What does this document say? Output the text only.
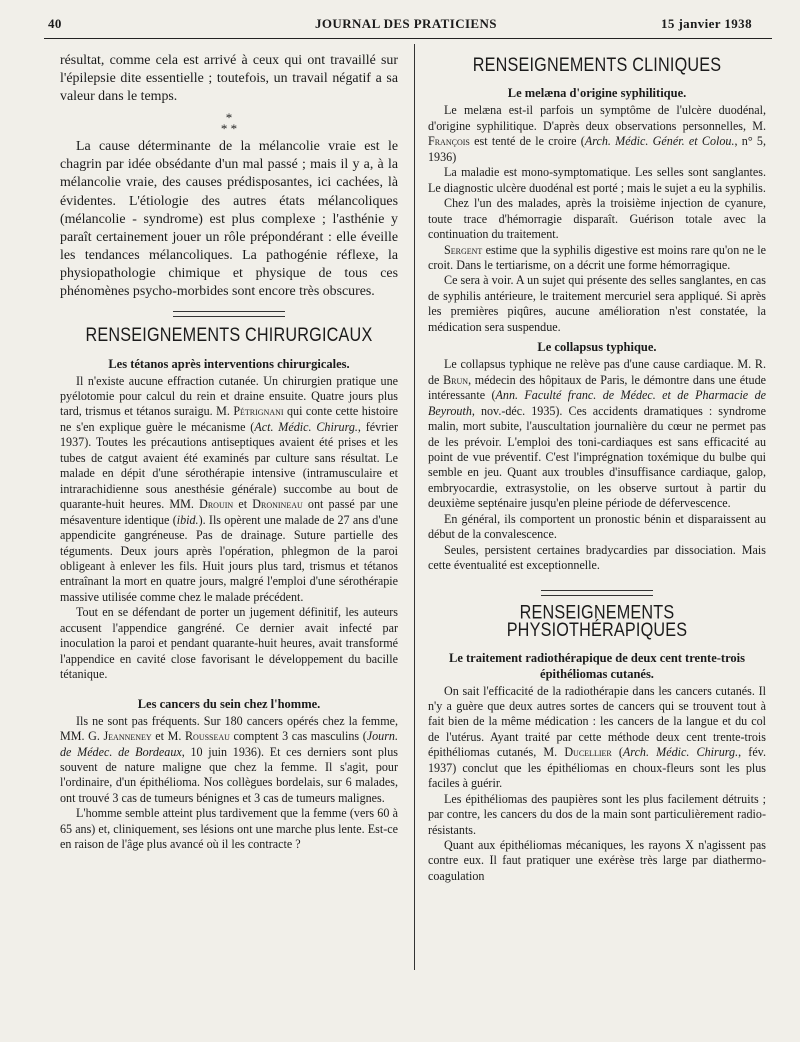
40	JOURNAL DES PRATICIENS	15 janvier 1938

résultat, comme cela est arrivé à ceux qui ont travaillé sur l'épilepsie dite essentielle ; toutefois, un travail négatif a sa valeur dans le temps.

*
* *

La cause déterminante de la mélancolie vraie est le chagrin par idée obsédante d'un mal passé ; mais il y a, à la mélancolie vraie, des causes prédisposantes, ici cachées, là évidentes. L'étiologie des autres états mélancoliques (mélancolie - syndrome) est plus complexe ; l'asthénie y paraît certainement jouer un rôle prépondérant : elle éveille les tendances mélancoliques. La pathogénie réflexe, la physiopathologie chimique et physique de tous ces phénomènes psycho-morbides sont encore très obscures.

RENSEIGNEMENTS CHIRURGICAUX
Les tétanos après interventions chirurgicales.

Il n'existe aucune effraction cutanée. Un chirurgien pratique une pyélotomie pour calcul du rein et draine ensuite. Quatre jours plus tard, trismus et tétanos suraigu. M. Pétrignani qui conte cette histoire ne s'en explique guère le mécanisme (Act. Médic. Chirurg., février 1937). Toutes les précautions antiseptiques avaient été prises et les tubes de catgut avaient été examinés par culture sans résultat. Le malade en dépit d'une sérothérapie intensive (intramusculaire et intrarachidienne sous anesthésie générale) succombe au bout de quarante-huit heures. MM. Drouin et Dronineau ont passé par une mésaventure identique (ibid.). Ils opèrent une malade de 27 ans d'une appendicite gangréneuse. Pas de drainage. Suture partielle des téguments. Deux jours après l'opération, phlegmon de la paroi obligeant à enlever les fils. Huit jours plus tard, trismus et tétanos entraînant la mort en quatre jours, malgré l'emploi d'une sérothérapie massive utilisée comme chez le malade précédent.

Tout en se défendant de porter un jugement définitif, les auteurs accusent l'appendice gangréné. Ce dernier avait infecté par inoculation la paroi et pendant quarante-huit heures, avait transformé l'appendice en cavité close favorisant le développement du bacille tétanique.

Les cancers du sein chez l'homme.

Ils ne sont pas fréquents. Sur 180 cancers opérés chez la femme, MM. G. Jeanneney et M. Rousseau comptent 3 cas masculins (Journ. de Médec. de Bordeaux, 10 juin 1936). Et ces derniers sont plus souvent de nature maligne que chez la femme. Il s'agit, pour l'ordinaire, d'un épithélioma. Nos collègues bordelais, sur 6 malades, ont trouvé 3 cas de tumeurs bénignes et 3 cas de tumeurs malignes.

L'homme semble atteint plus tardivement que la femme (vers 60 à 65 ans) et, cliniquement, ses lésions ont une marche plus lente. Est-ce en raison de l'âge plus avancé où il les contracte ?

RENSEIGNEMENTS CLINIQUES
Le melæna d'origine syphilitique.

Le melæna est-il parfois un symptôme de l'ulcère duodénal, d'origine syphilitique. D'après deux observations personnelles, M. François est tenté de le croire (Arch. Médic. Génér. et Colou., n° 5, 1936)

La maladie est mono-symptomatique. Les selles sont sanglantes. Le diagnostic ulcère duodénal est porté ; mais le sujet a eu la syphilis.

Chez l'un des malades, après la troisième injection de cyanure, toute trace d'hémorragie disparaît. Guérison totale avec la continuation du traitement.

Sergent estime que la syphilis digestive est moins rare qu'on ne le croit. Dans le tertiarisme, on a décrit une forme hémorragique.

Ce sera à voir. A un sujet qui présente des selles sanglantes, en cas de syphilis antérieure, le traitement mercuriel sera appliqué. Si après les premières piqûres, aucune amélioration n'est constatée, la médication sera suspendue.

Le collapsus typhique.

Le collapsus typhique ne relève pas d'une cause cardiaque. M. R. de Brun, médecin des hôpitaux de Paris, le démontre dans une étude intéressante (Ann. Faculté franc. de Médec. et de Pharmacie de Beyrouth, nov.-déc. 1935). Ces accidents dramatiques : syndrome malin, mort subite, l'auscultation journalière du cœur ne permet pas de les prévoir. L'emploi des toni-cardiaques est sans efficacité au point de vue préventif. C'est l'imprégnation toxémique du bulbe qui semble en jeu. Quant aux troubles d'insuffisance cardiaque, galop, embryocardie, extrasystolie, on les observe surtout à partir du deuxième septénaire jusqu'en pleine période de défervescence.

En général, ils comportent un pronostic bénin et disparaissent au début de la convalescence.

Seules, persistent certaines bradycardies par dissociation. Mais cette éventualité est exceptionnelle.

RENSEIGNEMENTS PHYSIOTHÉRAPIQUES
Le traitement radiothérapique de deux cent trente-trois épithéliomas cutanés.

On sait l'efficacité de la radiothérapie dans les cancers cutanés. Il n'y a guère que deux autres sortes de cancers qui se trouvent tout à fait bien de la même médication : les cancers de la langue et du col de l'utérus. Ayant traité par cette méthode deux cent trente-trois épithéliomas cutanés, M. Ducellier (Arch. Médic. Chirurg., fév. 1937) conclut que les épithéliomas en choux-fleurs sont les plus faciles à guérir.

Les épithéliomas des paupières sont les plus facilement détruits ; par contre, les cancers du dos de la main sont particulièrement radio-résistants.

Quant aux épithéliomas mécaniques, les rayons X n'agissent pas contre eux. Il faut pratiquer une exérèse très large par diathermo-coagulation
